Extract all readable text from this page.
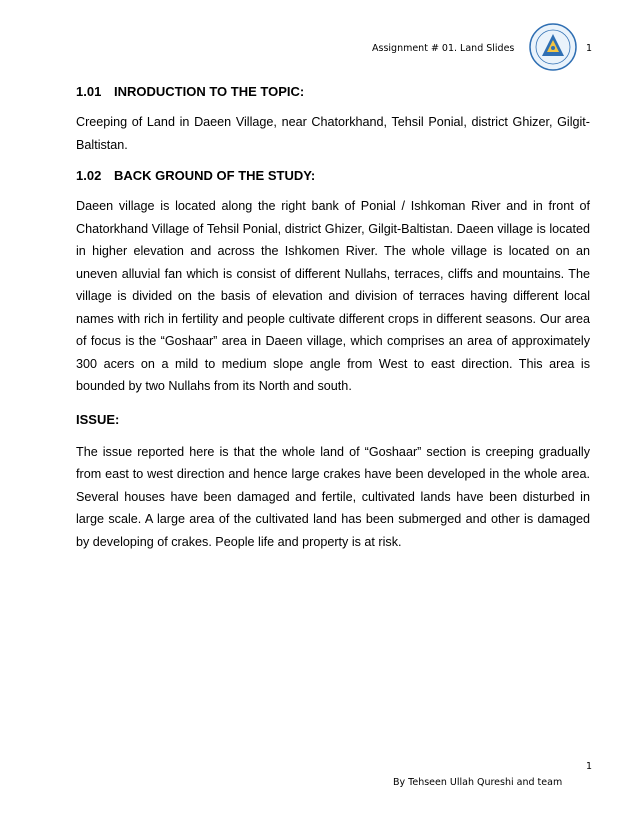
Assignment # 01. Land Slides	1
1.01 INRODUCTION TO THE TOPIC:

Creeping of Land in Daeen Village, near Chatorkhand, Tehsil Ponial, district Ghizer, Gilgit-Baltistan.

1.02 BACK GROUND OF THE STUDY:

Daeen village is located along the right bank of Ponial / Ishkoman River and in front of Chatorkhand Village of Tehsil Ponial, district Ghizer, Gilgit-Baltistan. Daeen village is located in higher elevation and across the Ishkomen River. The whole village is located on an uneven alluvial fan which is consist of different Nullahs, terraces, cliffs and mountains. The village is divided on the basis of elevation and division of terraces having different local names with rich in fertility and people cultivate different crops in different seasons. Our area of focus is the “Goshaar” area in Daeen village, which comprises an area of approximately 300 acers on a mild to medium slope angle from West to east direction. This area is bounded by two Nullahs from its North and south.

ISSUE:

The issue reported here is that the whole land of “Goshaar” section is creeping gradually from east to west direction and hence large crakes have been developed in the whole area. Several houses have been damaged and fertile, cultivated lands have been disturbed in large scale. A large area of the cultivated land has been submerged and other is damaged by developing of crakes. People life and property is at risk.

1
By Tehseen Ullah Qureshi and team
